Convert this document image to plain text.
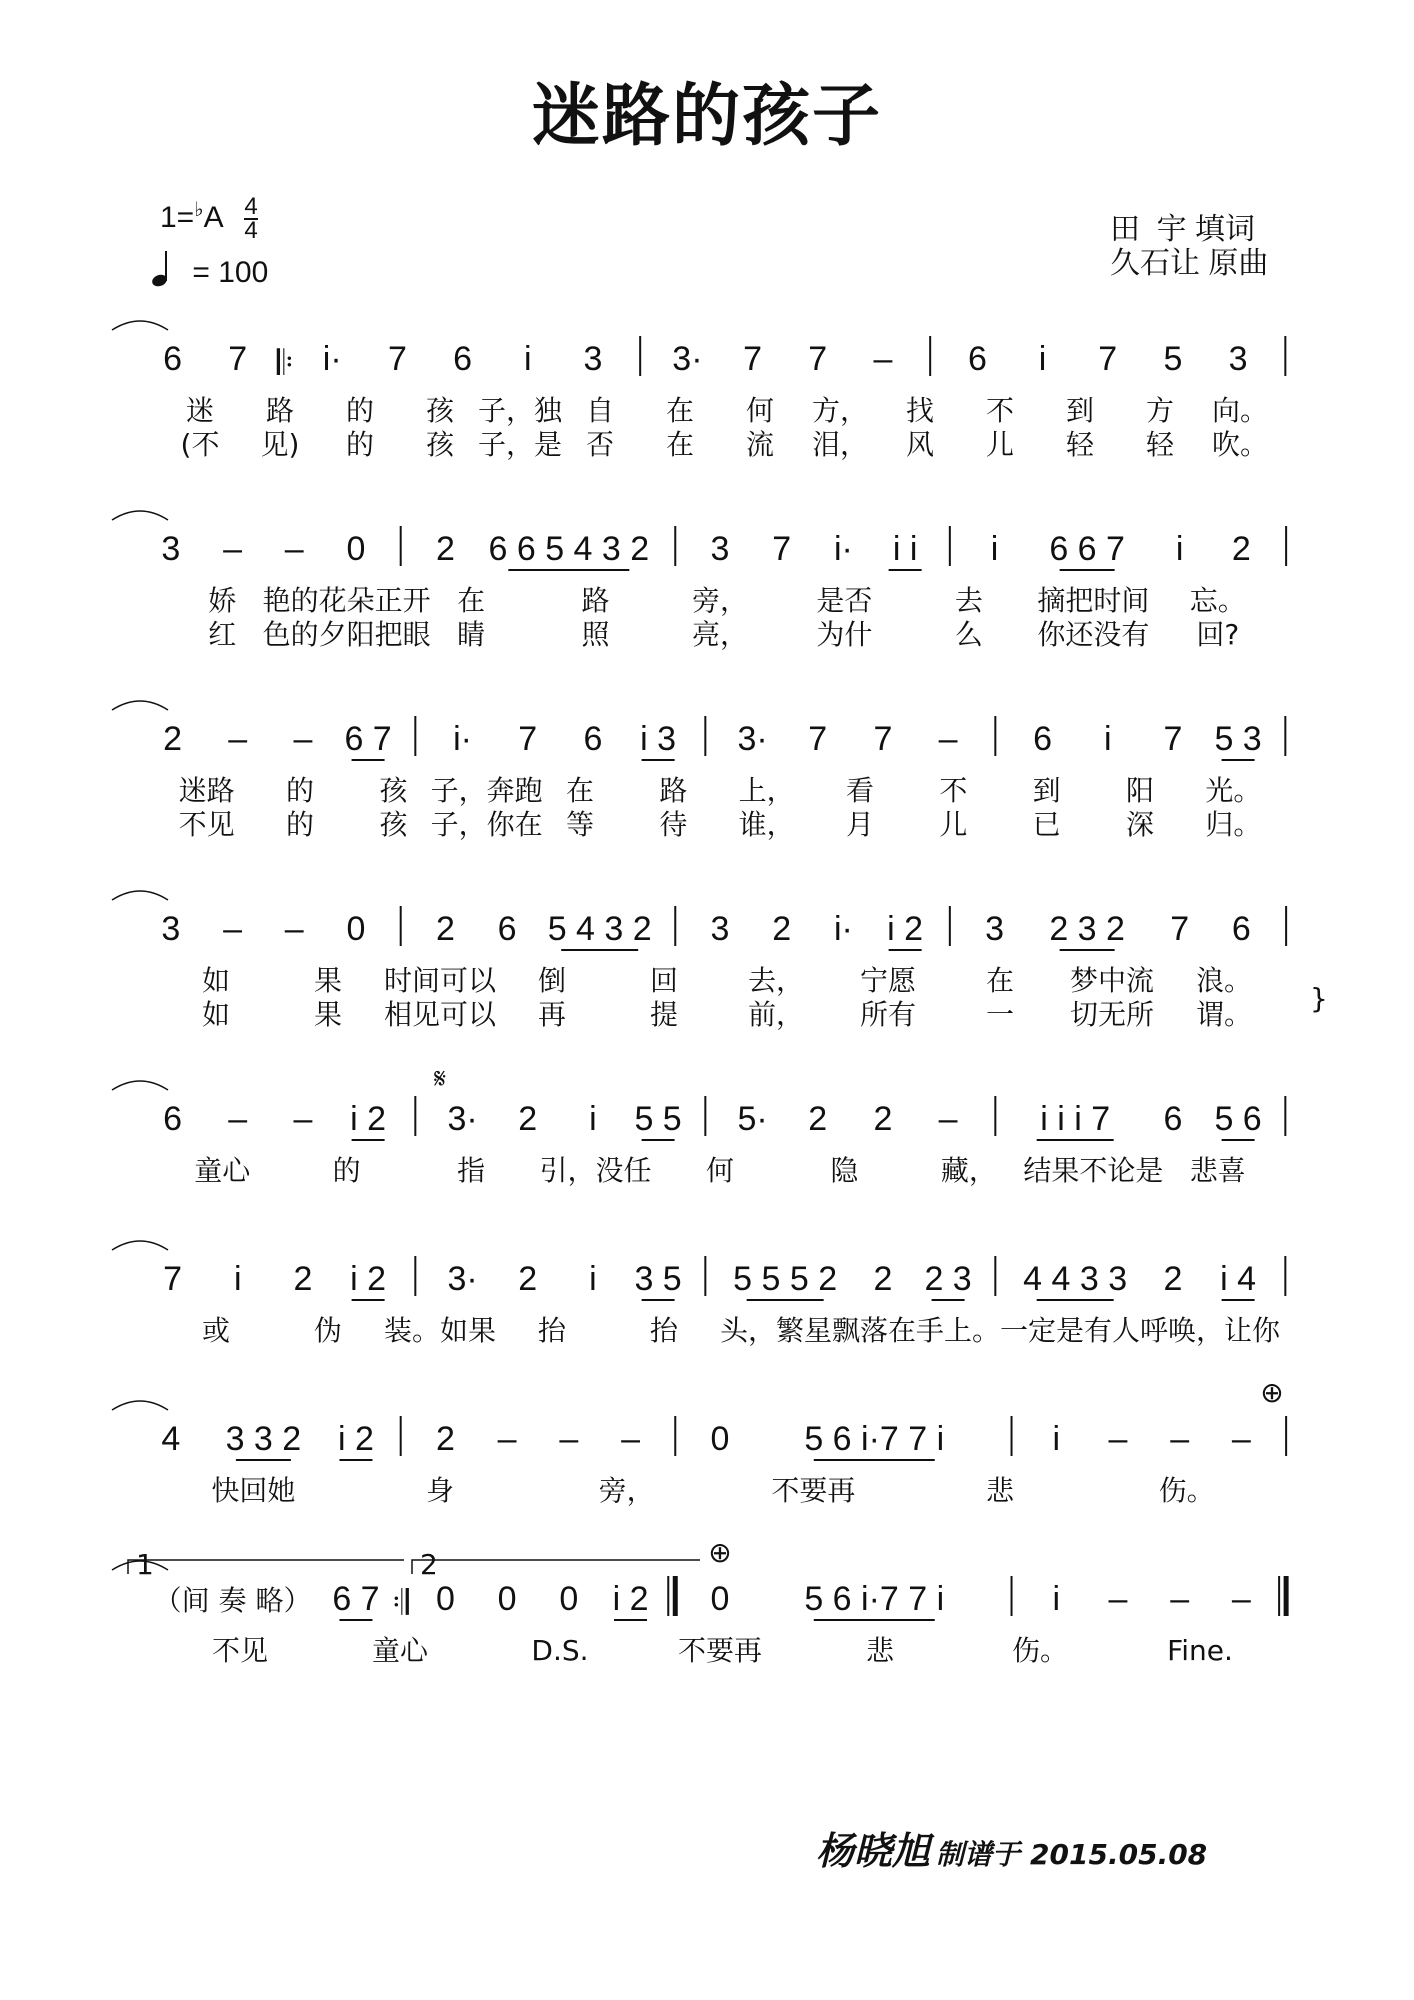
迷路的孩子
$1=^♭A \frac{4}{4}$
= 100
田  宇 填词
久石让 原曲
6 7 𝄆 i· 7 6 i 3 | 3· 7 7 – | 6 i 7 5 3 |
迷 路 的 孩 子，独 自 在 何 方， 找 不 到 方 向。
(不 见) 的 孩 子，是 否 在 流 泪， 风 儿 轻 轻 吹。
3 – – 0 | 2 6 6 5 4 3 2 | 3 7 i· i i | i 6 6 7 i 2 |
娇 艳的花朵正开 在	路	旁， 是否	去 摘把时间 忘。
红 色的夕阳把眼 睛	照	亮， 为什	么 你还没有 回?
2 – – 6 7 | i· 7 6 i 3 | 3· 7 7 – | 6 i 7 5 3 |
迷路 的 孩 子，奔跑 在 路 上， 看 不 到 阳 光。
不见 的 孩 子，你在 等 待 谁， 月 儿 已 深 归。
3 – – 0 | 2 6 5 4 3 2 | 3 2 i· i 2 | 3 2 3 2 7 6 |
如	果 时间可以 倒	回 去， 宁愿 在 梦中流 浪。
如	果 相见可以 再	提 前， 所有 一 切无所 谓。 }
6 – – i 2 | 3· 2 i 5 5 | 5· 2 2 – | i i i 7 6 5 6 |
童心	的	指 引，没任 何	隐	藏， 结果不论是 悲喜
𝄋
7 i 2 i 2 | 3· 2 i 3 5 | 5 5 5 2 2 2 3 | 4 4 3 3 2 i 4 |
或	伪 装。如果 抬	抬 头，繁星 飘落在手 上。一定 是有人呼 唤，让你
4 3 3 2 i 2 | 2 – – – | 0 5 6 i·7 7 i | i – – – |
快回她	身	旁，	不要再	悲	伤。
⊕
（间 奏 略） 6 7 𝄇 0 0 0 i 2 ‖ 0 5 6 i·7 7 i | i – – – ‖
不见	童心	D.S.	不要再	悲	伤。	Fine.
⊕
1	2
杨晓旭 制谱于 2015.05.08
